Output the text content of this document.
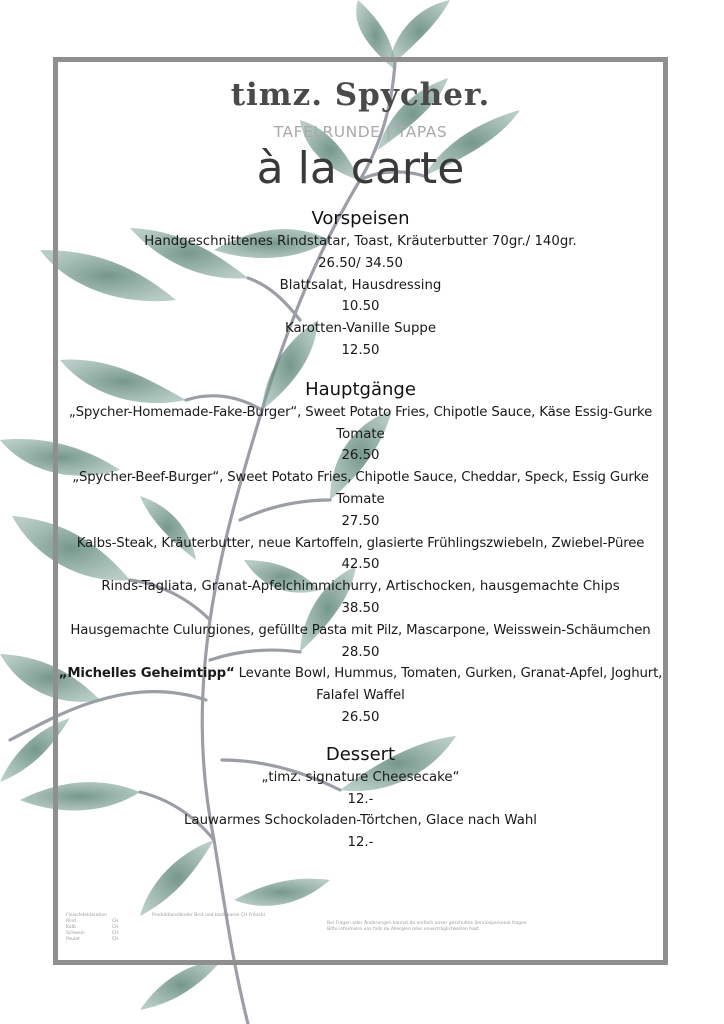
timz. Spycher.
TAFELRUNDE | TAPAS
à la carte
Vorspeisen
Handgeschnittenes Rindstatar, Toast, Kräuterbutter 70gr./ 140gr.
26.50/ 34.50
Blattsalat, Hausdressing
10.50
Karotten-Vanille Suppe
12.50
Hauptgänge
„Spycher-Homemade-Fake-Burger“, Sweet Potato Fries, Chipotle Sauce, Käse Essig-Gurke
Tomate
26.50
„Spycher-Beef-Burger“, Sweet Potato Fries, Chipotle Sauce, Cheddar, Speck, Essig Gurke
Tomate
27.50
Kalbs-Steak, Kräuterbutter, neue Kartoffeln, glasierte Frühlingszwiebeln, Zwiebel-Püree
42.50
Rinds-Tagliata, Granat-Apfelchimmichurry, Artischocken, hausgemachte Chips
38.50
Hausgemachte Culurgiones, gefüllte Pasta mit Pilz, Mascarpone, Weisswein-Schäumchen
28.50
„Michelles Geheimtipp“ Levante Bowl, Hummus, Tomaten, Gurken, Granat-Apfel, Joghurt,
Falafel Waffel
26.50
Dessert
„timz. signature Cheesecake“
12.-
Lauwarmes Schockoladen-Törtchen, Glace nach Wahl
12.-
Fleischdeklaration
Rind	CH
Kalb	CH
Schwein	CH
Poulet	CH
Produktionsländer Brot und backwaren CH Fritschi
Bei Fragen oder Änderungen kannst du einfach unser geschultes Servicepersonal fragen
Bitte informiere uns falls du Allergien oder unverträglichkeiten hast.
